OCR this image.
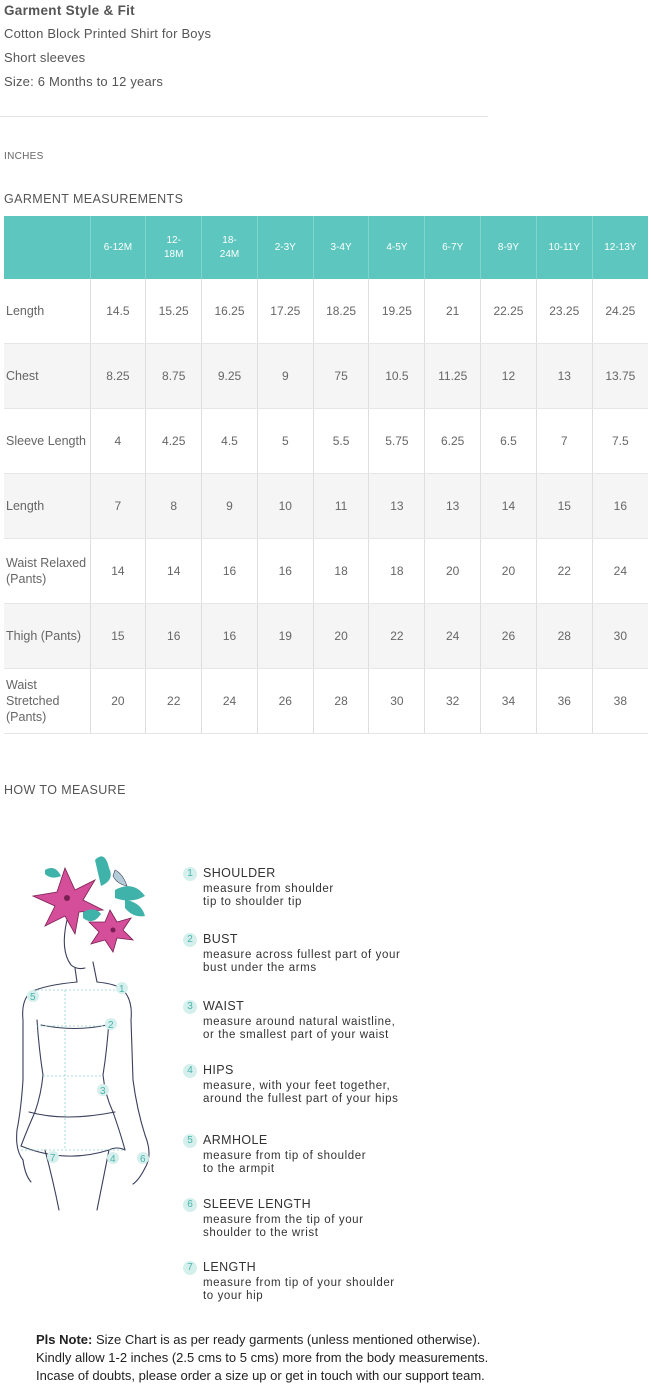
Garment Style & Fit
Cotton Block Printed Shirt for Boys
Short sleeves
Size: 6 Months to 12 years
INCHES
GARMENT MEASUREMENTS
	6-12M	12-18M	18-24M	2-3Y	3-4Y	4-5Y	6-7Y	8-9Y	10-11Y	12-13Y
Length	14.5	15.25	16.25	17.25	18.25	19.25	21	22.25	23.25	24.25
Chest	8.25	8.75	9.25	9	75	10.5	11.25	12	13	13.75
Sleeve Length	4	4.25	4.5	5	5.5	5.75	6.25	6.5	7	7.5
Length	7	8	9	10	11	13	13	14	15	16
Waist Relaxed (Pants)	14	14	16	16	18	18	20	20	22	24
Thigh (Pants)	15	16	16	19	20	22	24	26	28	30
Waist Stretched (Pants)	20	22	24	26	28	30	32	34	36	38
HOW TO MEASURE
1
2
3
4
5
6
7
1 SHOULDER
measure from shoulder
tip to shoulder tip
2 BUST
measure across fullest part of your
bust under the arms
3 WAIST
measure around natural waistline,
or the smallest part of your waist
4 HIPS
measure, with your feet together,
around the fullest part of your hips
5 ARMHOLE
measure from tip of shoulder
to the armpit
6 SLEEVE LENGTH
measure from the tip of your
shoulder to the wrist
7 LENGTH
measure from tip of your shoulder
to your hip
Pls Note: Size Chart is as per ready garments (unless mentioned otherwise).
Kindly allow 1-2 inches (2.5 cms to 5 cms) more from the body measurements.
Incase of doubts, please order a size up or get in touch with our support team.
